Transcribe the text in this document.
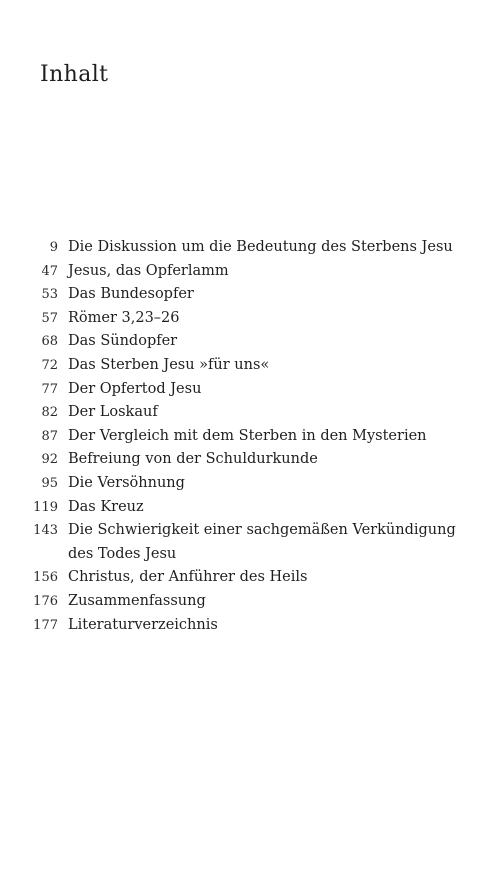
Inhalt
9 Die Diskussion um die Bedeutung des Sterbens Jesu
47 Jesus, das Opferlamm
53 Das Bundesopfer
57 Römer 3,23–26
68 Das Sündopfer
72 Das Sterben Jesu »für uns«
77 Der Opfertod Jesu
82 Der Loskauf
87 Der Vergleich mit dem Sterben in den Mysterien
92 Befreiung von der Schuldurkunde
95 Die Versöhnung
119 Das Kreuz
143 Die Schwierigkeit einer sachgemäßen Verkündigung
des Todes Jesu
156 Christus, der Anführer des Heils
176 Zusammenfassung
177 Literaturverzeichnis
